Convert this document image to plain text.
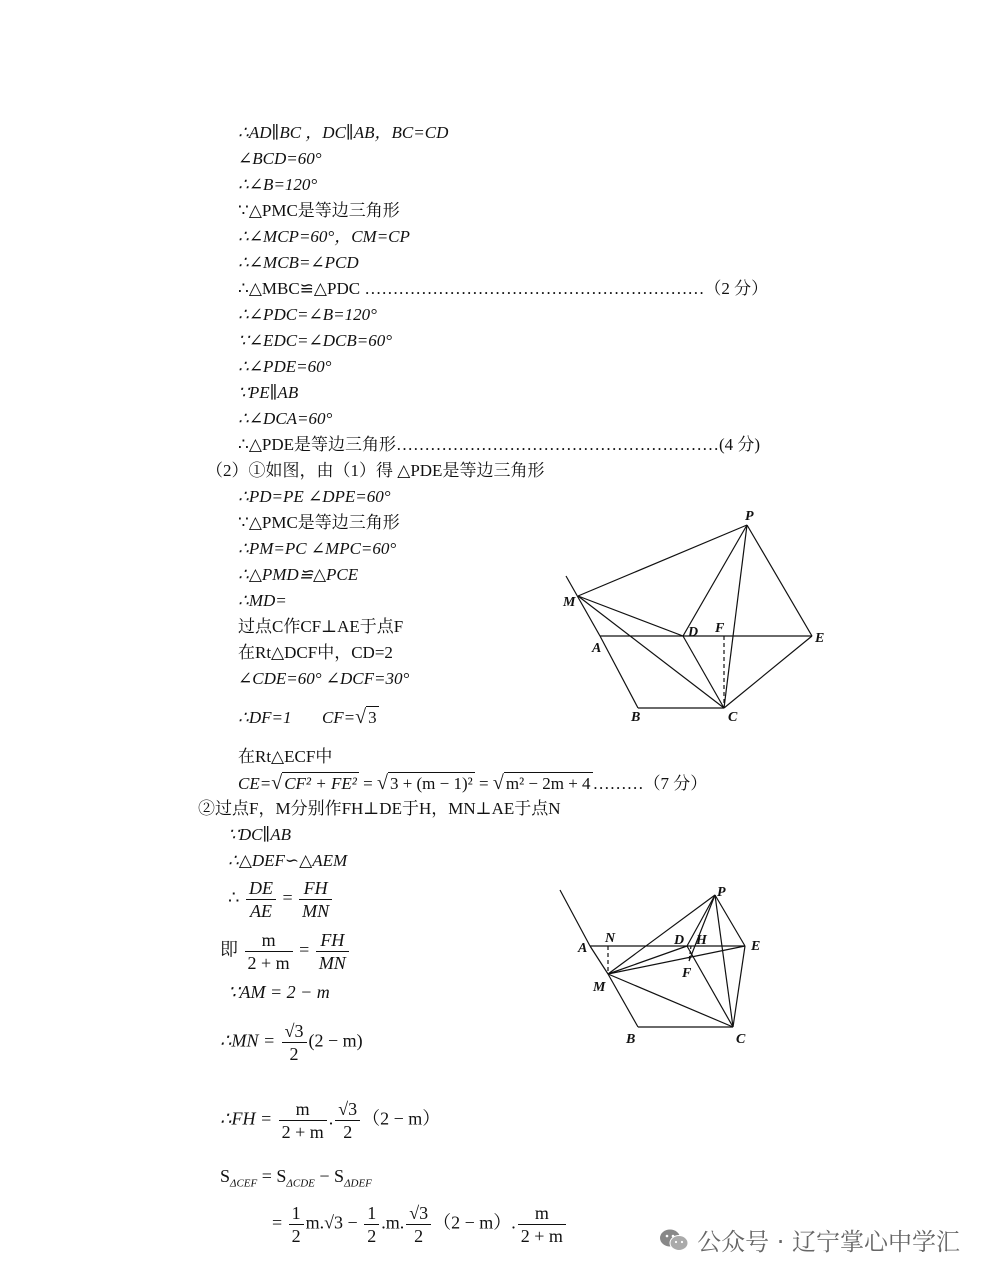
∴AD∥BC ，DC∥AB，BC=CD
∠BCD=60°
∴∠B=120°
∵△PMC是等边三角形
∴∠MCP=60°，CM=CP
∴∠MCB=∠PCD
∴△MBC≌△PDC ……………………………………………………（2 分）
∴∠PDC=∠B=120°
∵∠EDC=∠DCB=60°
∴∠PDE=60°
∵PE∥AB
∴∠DCA=60°
∴△PDE是等边三角形…………………………………………………(4 分)
（2）①如图，由（1）得 △PDE是等边三角形
∴PD=PE ∠DPE=60°
∵△PMC是等边三角形
∴PM=PC ∠MPC=60°
∴△PMD≌△PCE
∴MD=
过点C作CF⊥AE于点F
在Rt△DCF中，CD=2
∠CDE=60° ∠DCF=30°
∴DF=1 CF=√ 3
在Rt△ECF中
CE=√ CF² + FE² = √ 3 + (m − 1)² = √ m² − 2m + 4 ………（7 分）
②过点F，M分别作FH⊥DE于H，MN⊥AE于点N
∵DC∥AB
∴△DEF∽△AEM
∴ $\frac{DE}{AE} = \frac{FH}{MN}$
即 $\frac{m}{2 + m} = \frac{FH}{MN}$
∵AM = 2 − m
∴MN = $\frac{√3}{2} (2 - m)$
∴FH = $\frac{m}{2 + m}$ . $\frac{√3}{2} (2 - m)$
$S_{\Delta CEF} = S_{\Delta CDE} - S_{\Delta DEF}$
= $\frac{1}{2} m.√3 - \frac{1}{2} .m$. $\frac{√3}{2} (2 - m)$. $\frac{m}{2 + m}$
P
M
D F
E
A
B	C
P
N
A
D H	E
F
M
B	C
公众号 · 辽宁掌心中学汇
